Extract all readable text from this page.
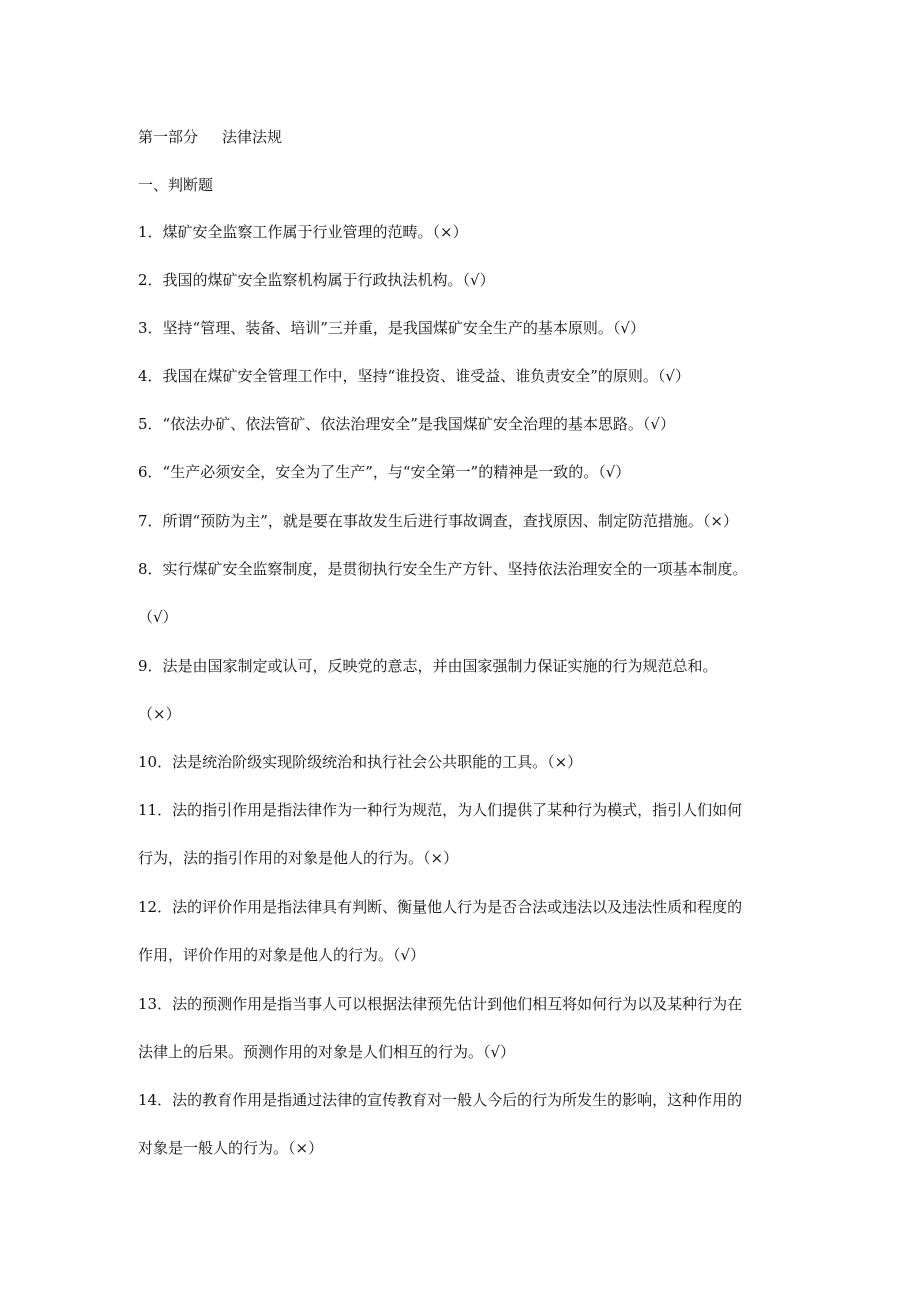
第一部分 法律法规
一、判断题
1．煤矿安全监察工作属于行业管理的范畴。（×）
2．我国的煤矿安全监察机构属于行政执法机构。（√）
3．坚持“管理、装备、培训”三并重，是我国煤矿安全生产的基本原则。（√）
4．我国在煤矿安全管理工作中，坚持“谁投资、谁受益、谁负责安全”的原则。（√）
5．“依法办矿、依法管矿、依法治理安全”是我国煤矿安全治理的基本思路。（√）
6．“生产必须安全，安全为了生产”，与“安全第一”的精神是一致的。（√）
7．所谓“预防为主”，就是要在事故发生后进行事故调查，查找原因、制定防范措施。（×）
8．实行煤矿安全监察制度，是贯彻执行安全生产方针、坚持依法治理安全的一项基本制度。
（√）
9．法是由国家制定或认可，反映党的意志，并由国家强制力保证实施的行为规范总和。
（×）
10．法是统治阶级实现阶级统治和执行社会公共职能的工具。（×）
11．法的指引作用是指法律作为一种行为规范，为人们提供了某种行为模式，指引人们如何
行为，法的指引作用的对象是他人的行为。（×）
12．法的评价作用是指法律具有判断、衡量他人行为是否合法或违法以及违法性质和程度的
作用，评价作用的对象是他人的行为。（√）
13．法的预测作用是指当事人可以根据法律预先估计到他们相互将如何行为以及某种行为在
法律上的后果。预测作用的对象是人们相互的行为。（√）
14．法的教育作用是指通过法律的宣传教育对一般人今后的行为所发生的影响，这种作用的
对象是一般人的行为。（×）
